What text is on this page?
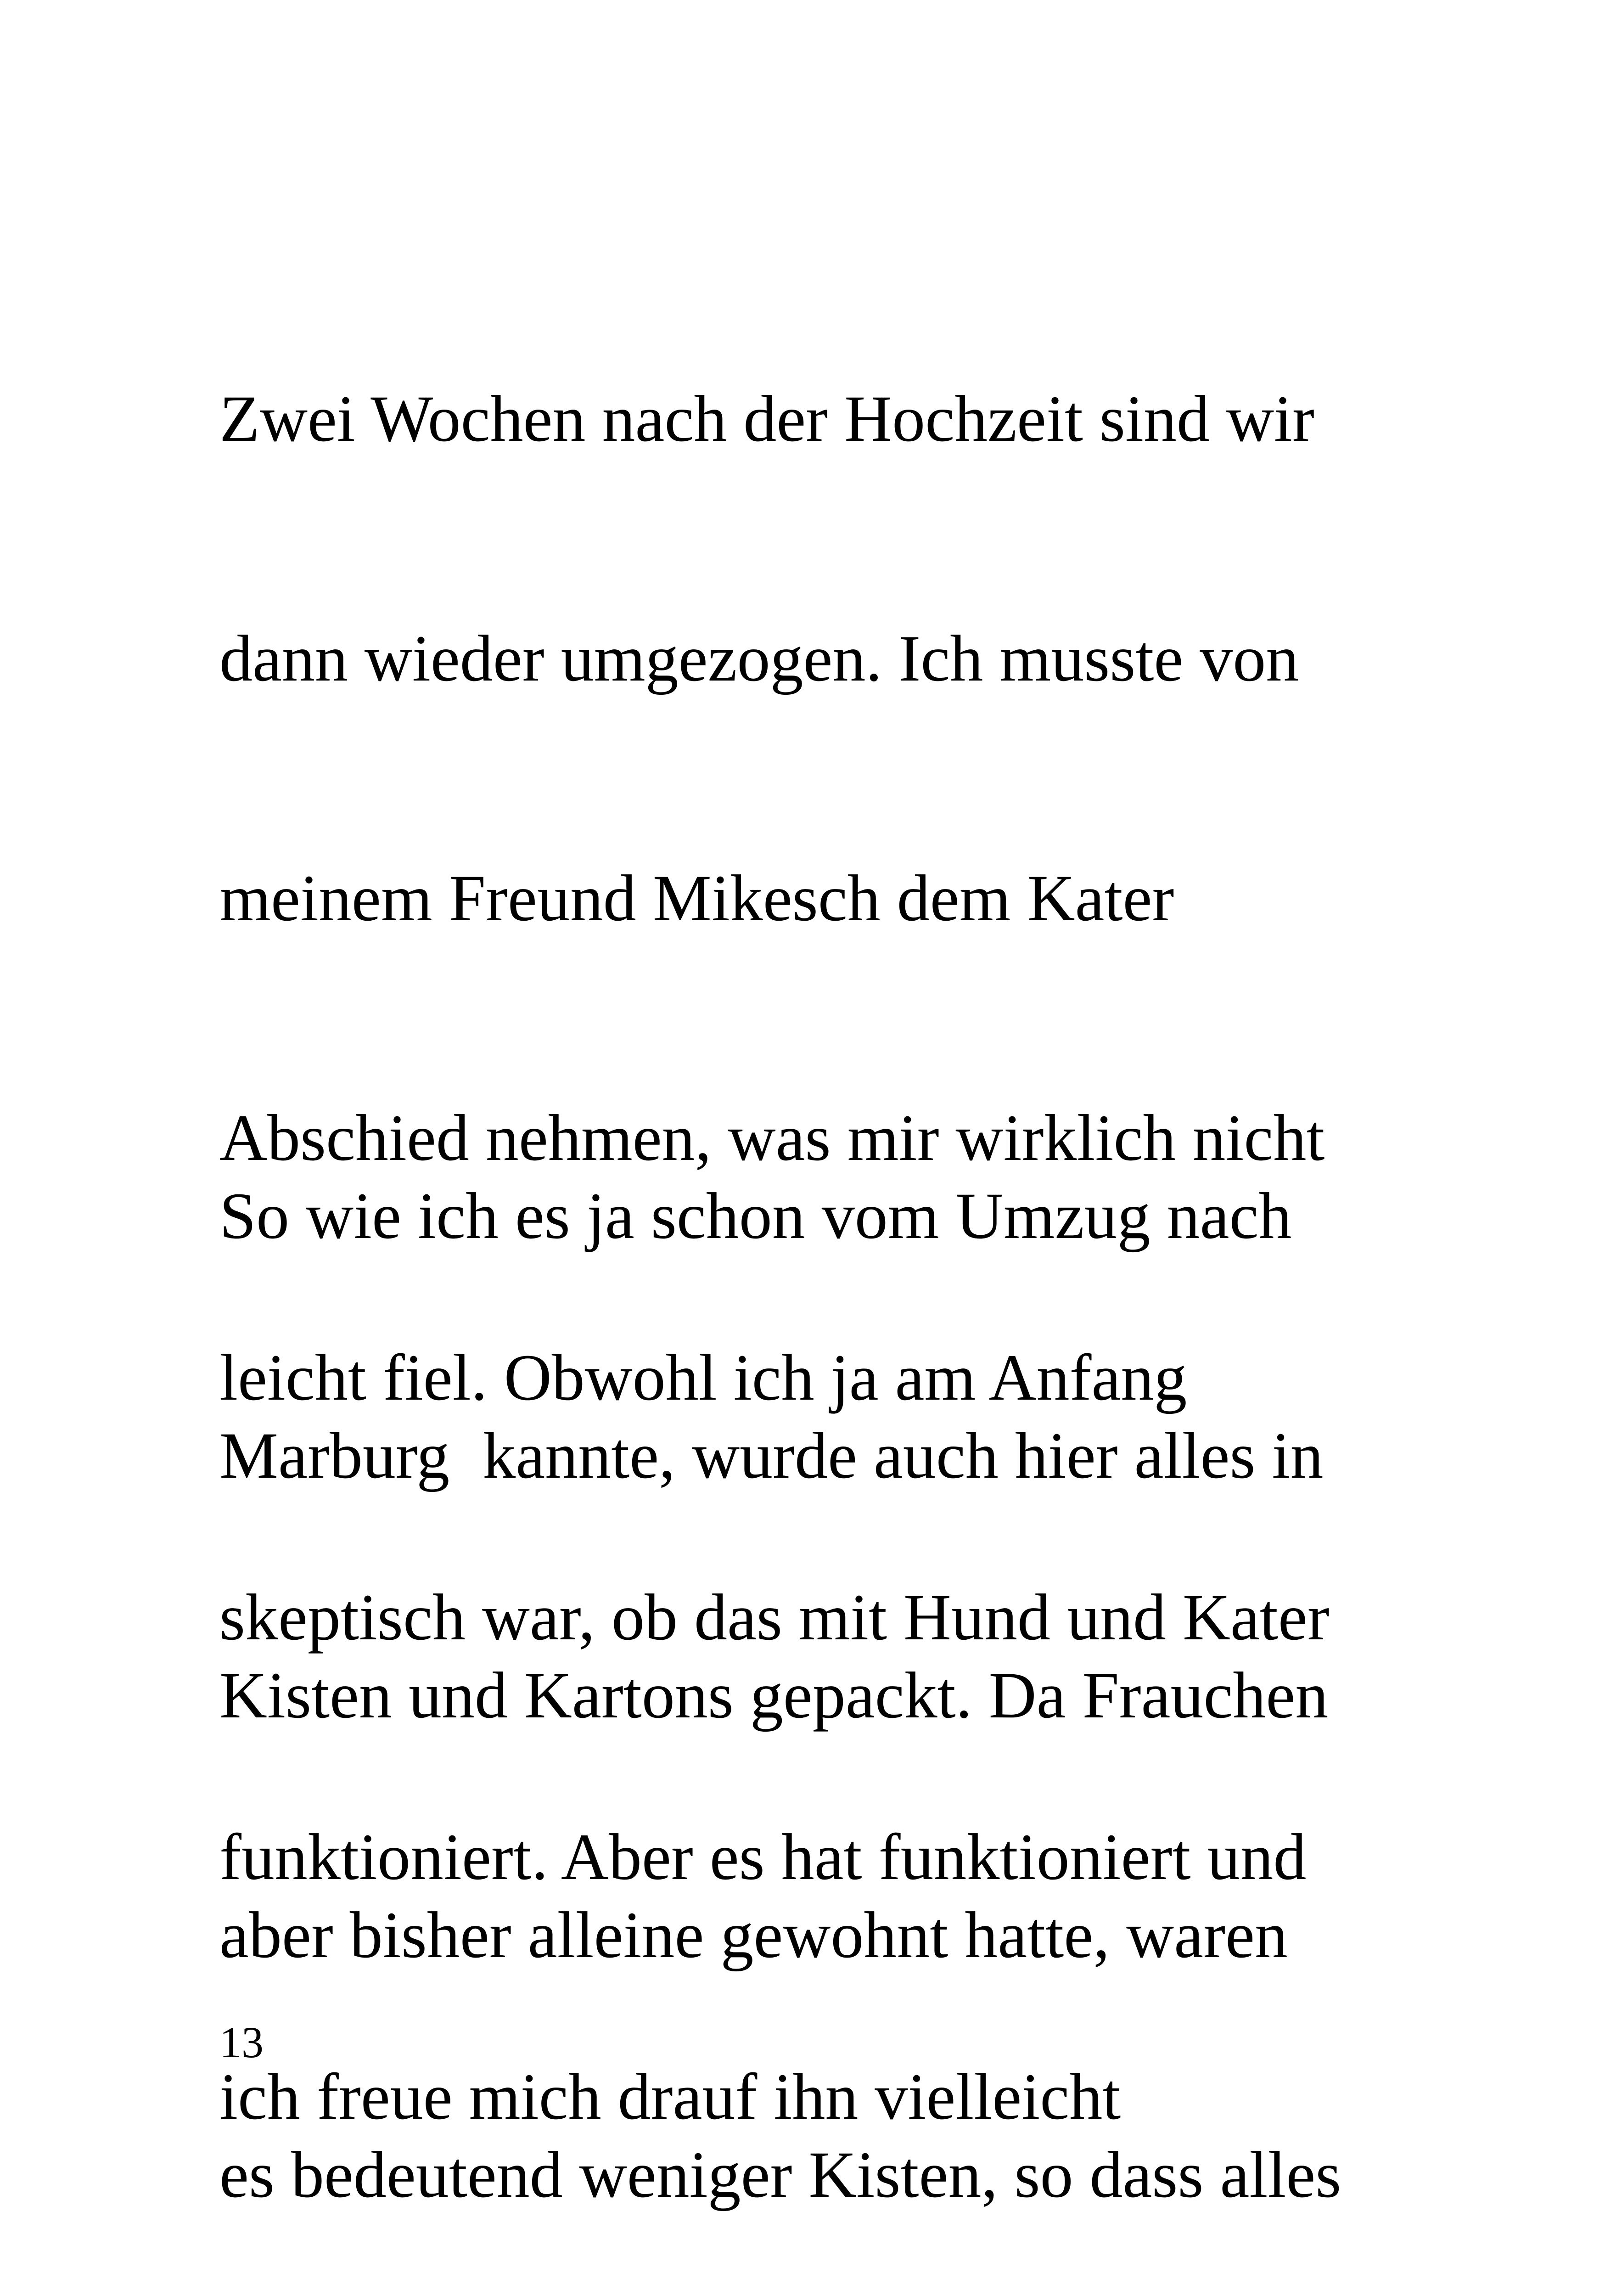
Zwei Wochen nach der Hochzeit sind wir

dann wieder umgezogen. Ich musste von

meinem Freund Mikesch dem Kater

Abschied nehmen, was mir wirklich nicht

leicht fiel. Obwohl ich ja am Anfang

skeptisch war, ob das mit Hund und Kater

funktioniert. Aber es hat funktioniert und

ich freue mich drauf ihn vielleicht

So wie ich es ja schon vom Umzug nach

Marburg  kannte, wurde auch hier alles in

Kisten und Kartons gepackt. Da Frauchen

aber bisher alleine gewohnt hatte, waren

es bedeutend weniger Kisten, so dass alles

13
